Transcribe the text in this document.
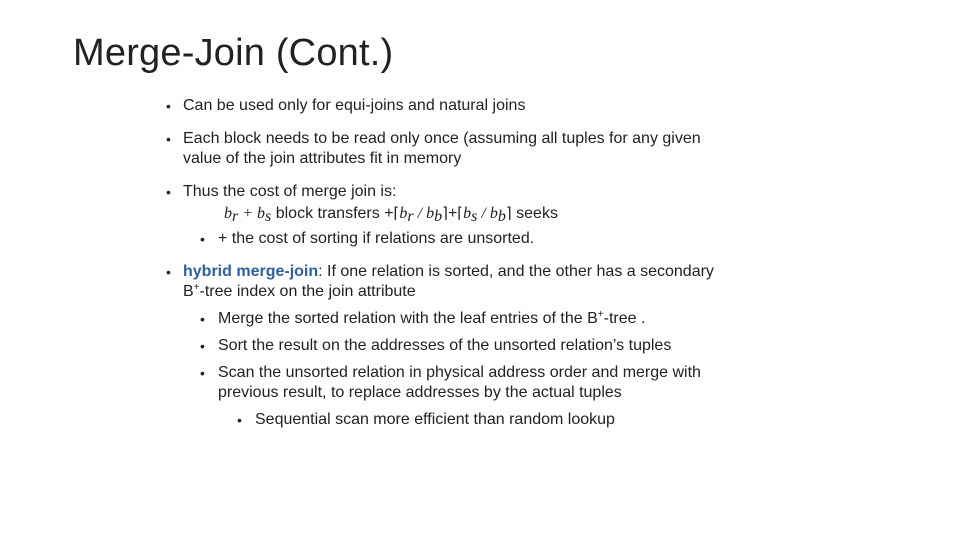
Merge-Join (Cont.)
• Can be used only for equi-joins and natural joins
• Each block needs to be read only once (assuming all tuples for any given
value of the join attributes fit in memory
• Thus the cost of merge join is:
$b_r + b_s$ block transfers $+⌈b_r$ / $b_b⌉+⌈b_s$ / $b_b⌉$ seeks
• + the cost of sorting if relations are unsorted.
• hybrid merge-join: If one relation is sorted, and the other has a secondary
B+-tree index on the join attribute
• Merge the sorted relation with the leaf entries of the B+-tree .
• Sort the result on the addresses of the unsorted relation’s tuples
• Scan the unsorted relation in physical address order and merge with
previous result, to replace addresses by the actual tuples
• Sequential scan more efficient than random lookup
